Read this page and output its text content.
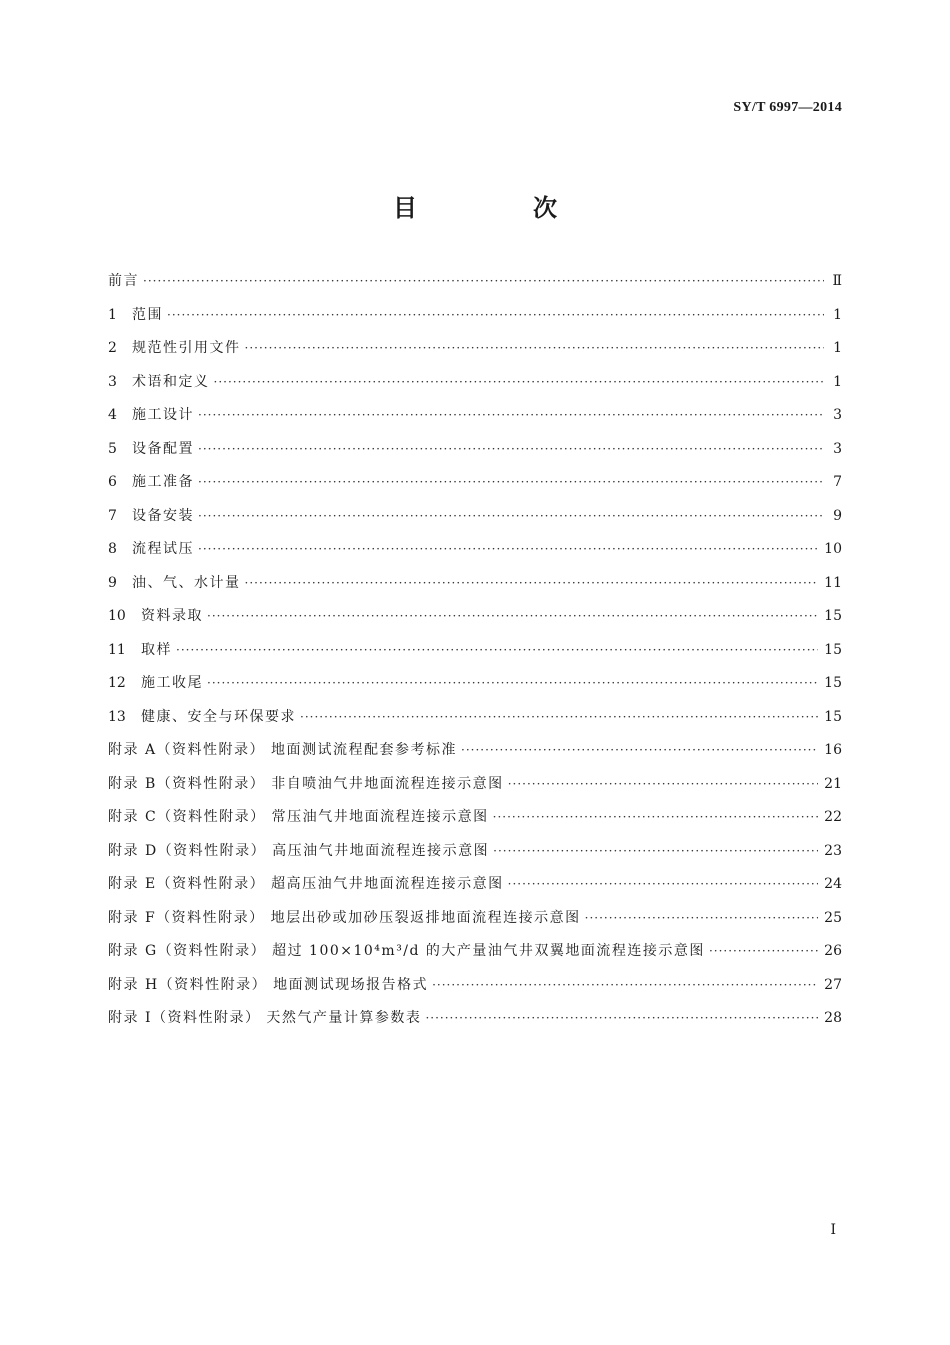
SY/T 6997—2014
目　次
前言 ·····	Ⅱ
1	范围 ·····	1
2	规范性引用文件 ·····	1
3	术语和定义 ·····	1
4	施工设计 ·····	3
5	设备配置 ·····	3
6	施工准备 ·····	7
7	设备安装 ·····	9
8	流程试压 ·····	10
9	油、气、水计量 ·····	11
10	资料录取 ·····	15
11	取样 ·····	15
12	施工收尾 ·····	15
13	健康、安全与环保要求 ·····	15
附录 A（资料性附录） 地面测试流程配套参考标准 ·····	16
附录 B（资料性附录） 非自喷油气井地面流程连接示意图 ·····	21
附录 C（资料性附录） 常压油气井地面流程连接示意图 ·····	22
附录 D（资料性附录） 高压油气井地面流程连接示意图 ·····	23
附录 E（资料性附录） 超高压油气井地面流程连接示意图 ·····	24
附录 F（资料性附录） 地层出砂或加砂压裂返排地面流程连接示意图 ·····	25
附录 G（资料性附录） 超过 100×10⁴m³/d 的大产量油气井双翼地面流程连接示意图 ·····	26
附录 H（资料性附录） 地面测试现场报告格式 ·····	27
附录 I（资料性附录） 天然气产量计算参数表 ·····	28
Ⅰ
